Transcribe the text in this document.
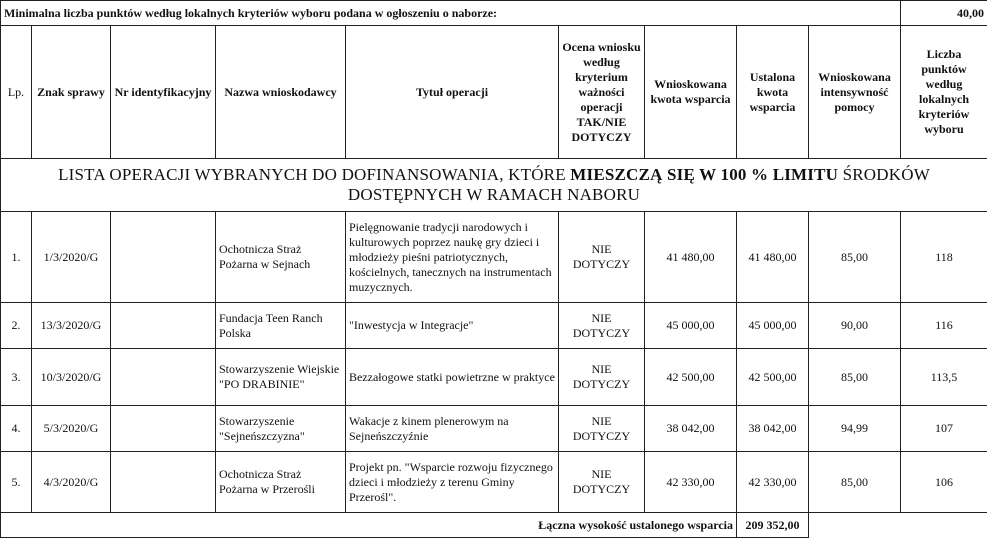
Minimalna liczba punktów według lokalnych kryteriów wyboru podana w ogłoszeniu o naborze:									40,00
Lp.	Znak sprawy	Nr identyfikacyjny	Nazwa wnioskodawcy	Tytuł operacji	Ocena wniosku według kryterium ważności operacji TAK/NIE DOTYCZY	Wnioskowana kwota wsparcia	Ustalona kwota wsparcia	Wnioskowana intensywność pomocy	Liczba punktów według lokalnych kryteriów wyboru
LISTA OPERACJI WYBRANYCH DO DOFINANSOWANIA, KTÓRE MIESZCZĄ SIĘ W 100 % LIMITU ŚRODKÓW DOSTĘPNYCH W RAMACH NABORU									
1.	1/3/2020/G		Ochotnicza Straż Pożarna w Sejnach	Pielęgnowanie tradycji narodowych i kulturowych poprzez naukę gry dzieci i młodzieży pieśni patriotycznych, kościelnych, tanecznych na instrumentach muzycznych.	NIE DOTYCZY	41 480,00	41 480,00	85,00	118
2.	13/3/2020/G		Fundacja Teen Ranch Polska	"Inwestycja w Integracje"	NIE DOTYCZY	45 000,00	45 000,00	90,00	116
3.	10/3/2020/G		Stowarzyszenie Wiejskie "PO DRABINIE"	Bezzałogowe statki powietrzne w praktyce	NIE DOTYCZY	42 500,00	42 500,00	85,00	113,5
4.	5/3/2020/G		Stowarzyszenie "Sejneńszczyzna"	Wakacje z kinem plenerowym na Sejneńszczyźnie	NIE DOTYCZY	38 042,00	38 042,00	94,99	107
5.	4/3/2020/G		Ochotnicza Straż Pożarna w Przerośli	Projekt pn. "Wsparcie rozwoju fizycznego dzieci i młodzieży z terenu Gminy Przerośl".	NIE DOTYCZY	42 330,00	42 330,00	85,00	106
Łączna wysokość ustalonego wsparcia							209 352,00		
